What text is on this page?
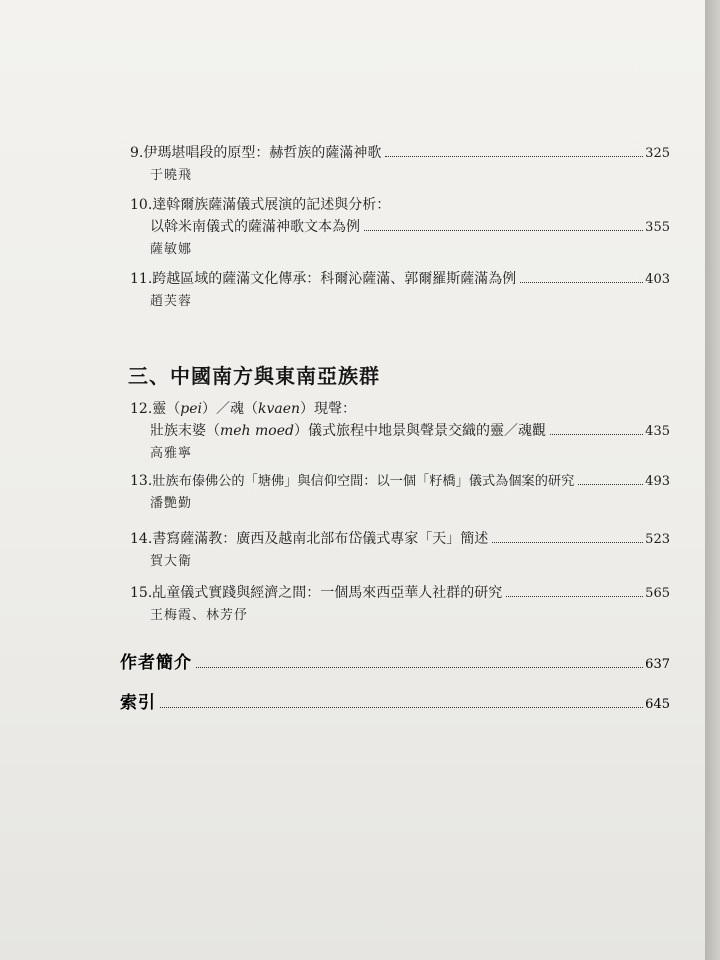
9. 伊瑪堪唱段的原型：赫哲族的薩滿神歌	325
于曉飛
10. 達斡爾族薩滿儀式展演的記述與分析：
以斡米南儀式的薩滿神歌文本為例	355
薩敏娜
11. 跨越區域的薩滿文化傳承：科爾沁薩滿、郭爾羅斯薩滿為例	403
趙芙蓉
三、中國南方與東南亞族群
12. 靈（ pei ）／魂（ kvaen ）現聲：
壯族末婆（ meh moed ）儀式旅程中地景與聲景交織的靈／魂觀	435
高雅寧
13. 壯族布傣佛公的「塘佛」與信仰空間：以一個「籽橋」儀式為個案的研究	493
潘艷勤
14. 書寫薩滿教：廣西及越南北部布岱儀式專家「天」簡述	523
賀大衛
15. 乩童儀式實踐與經濟之間：一個馬來西亞華人社群的研究	565
王梅霞、林芳伃
作者簡介	637
索引	645
